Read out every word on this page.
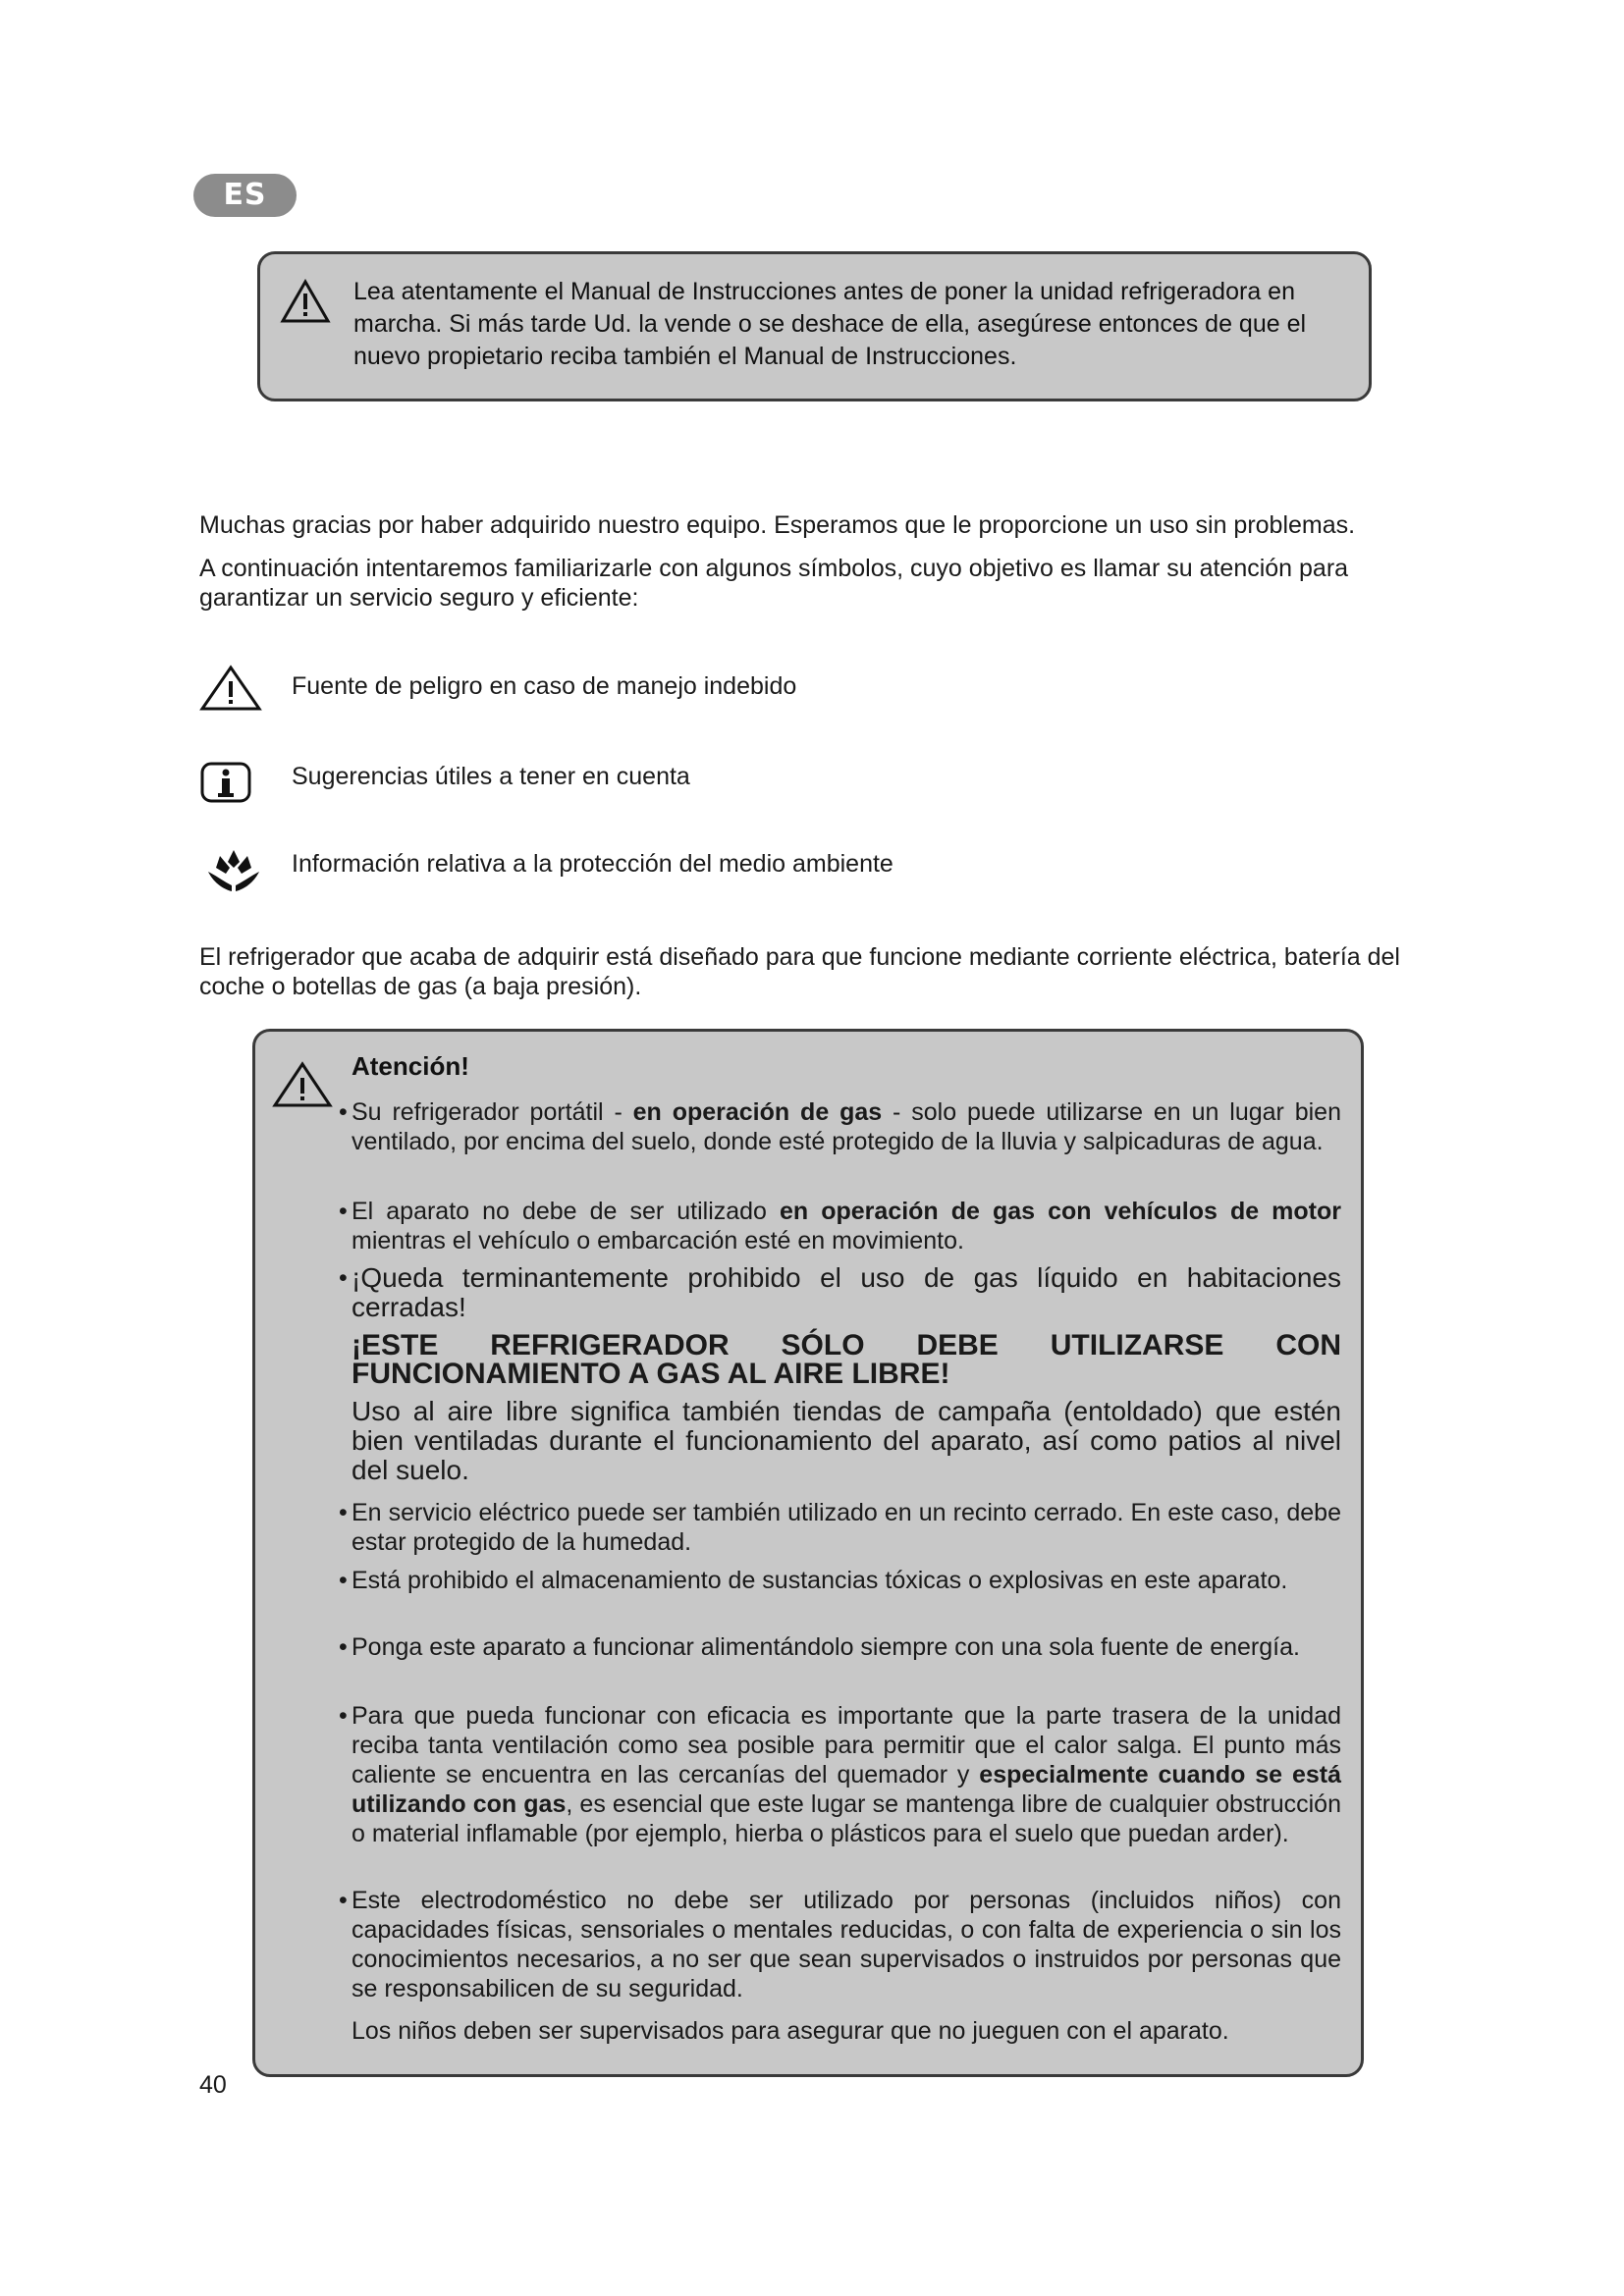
ES
Lea atentamente el Manual de Instrucciones antes de poner la unidad refrigeradora en marcha. Si más tarde Ud. la vende o se deshace de ella, asegúrese entonces de que el nuevo propietario reciba también el Manual de Instrucciones.
Muchas gracias por haber adquirido nuestro equipo. Esperamos que le proporcione un uso sin problemas.
A continuación intentaremos familiarizarle con algunos símbolos, cuyo objetivo es llamar su atención para garantizar un servicio seguro y eficiente:
Fuente de peligro en caso de manejo indebido
Sugerencias útiles a tener en cuenta
Información relativa a la protección del medio ambiente
El refrigerador que acaba de adquirir está diseñado para que funcione mediante corriente eléctrica, batería del coche o botellas de gas (a baja presión).
Atención!
• Su refrigerador portátil - en operación de gas - solo puede utilizarse en un lugar bien ventilado, por encima del suelo, donde esté protegido de la lluvia y salpicaduras de agua.
• El aparato no debe de ser utilizado en operación de gas con vehículos de motor mientras el vehículo o embarcación esté en movimiento.
• ¡Queda terminantemente prohibido el uso de gas líquido en habitaciones cerradas!
¡ESTE REFRIGERADOR SÓLO DEBE UTILIZARSE CON
FUNCIONAMIENTO A GAS AL AIRE LIBRE!
Uso al aire libre significa también tiendas de campaña (entoldado) que estén bien ventiladas durante el funcionamiento del aparato, así como patios al nivel del suelo.
• En servicio eléctrico puede ser también utilizado en un recinto cerrado. En este caso, debe estar protegido de la humedad.
• Está prohibido el almacenamiento de sustancias tóxicas o explosivas en este aparato.
• Ponga este aparato a funcionar alimentándolo siempre con una sola fuente de energía.
• Para que pueda funcionar con eficacia es importante que la parte trasera de la unidad reciba tanta ventilación como sea posible para permitir que el calor salga. El punto más caliente se encuentra en las cercanías del quemador y especialmente cuando se está utilizando con gas, es esencial que este lugar se mantenga libre de cualquier obstrucción o material inflamable (por ejemplo, hierba o plásticos para el suelo que puedan arder).
• Este electrodoméstico no debe ser utilizado por personas (incluidos niños) con capacidades físicas, sensoriales o mentales reducidas, o con falta de experiencia o sin los conocimientos necesarios, a no ser que sean supervisados o instruidos por personas que se responsabilicen de su seguridad.
Los niños deben ser supervisados para asegurar que no jueguen con el aparato.
40
